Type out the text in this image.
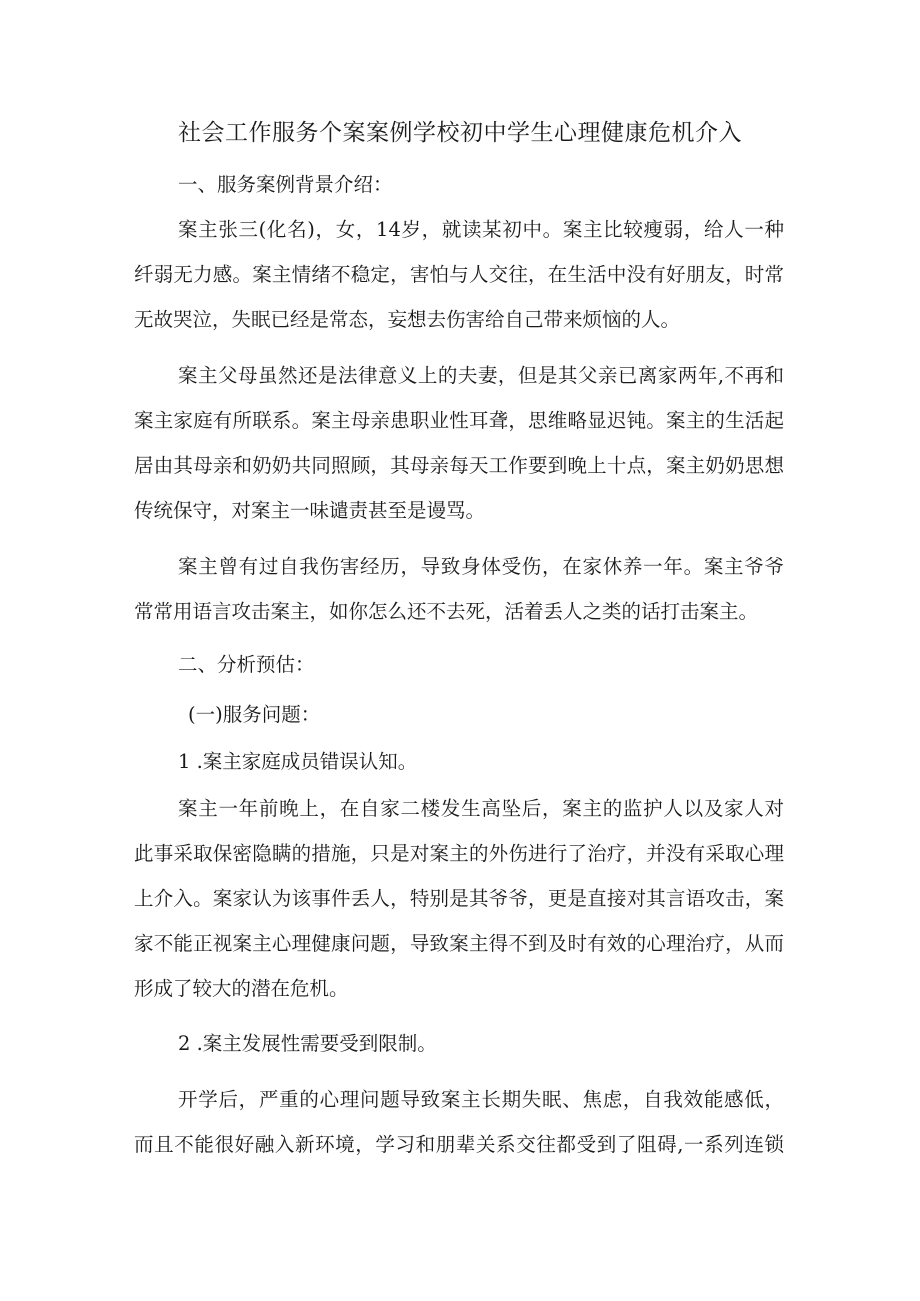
社会工作服务个案案例学校初中学生心理健康危机介入
一、服务案例背景介绍：
案主张三(化名)，女，14岁，就读某初中。案主比较瘦弱，给人一种
纤弱无力感。案主情绪不稳定，害怕与人交往，在生活中没有好朋友，时常
无故哭泣，失眠已经是常态，妄想去伤害给自己带来烦恼的人。
案主父母虽然还是法律意义上的夫妻，但是其父亲已离家两年,不再和
案主家庭有所联系。案主母亲患职业性耳聋，思维略显迟钝。案主的生活起
居由其母亲和奶奶共同照顾，其母亲每天工作要到晚上十点，案主奶奶思想
传统保守，对案主一味谴责甚至是谩骂。
案主曾有过自我伤害经历，导致身体受伤，在家休养一年。案主爷爷
常常用语言攻击案主，如你怎么还不去死，活着丢人之类的话打击案主。
二、分析预估：
(一)服务问题：
1 .案主家庭成员错误认知。
案主一年前晚上，在自家二楼发生高坠后，案主的监护人以及家人对
此事采取保密隐瞒的措施，只是对案主的外伤进行了治疗，并没有采取心理
上介入。案家认为该事件丢人，特别是其爷爷，更是直接对其言语攻击，案
家不能正视案主心理健康问题，导致案主得不到及时有效的心理治疗，从而
形成了较大的潜在危机。
2 .案主发展性需要受到限制。
开学后，严重的心理问题导致案主长期失眠、焦虑，自我效能感低，
而且不能很好融入新环境，学习和朋辈关系交往都受到了阻碍,一系列连锁
